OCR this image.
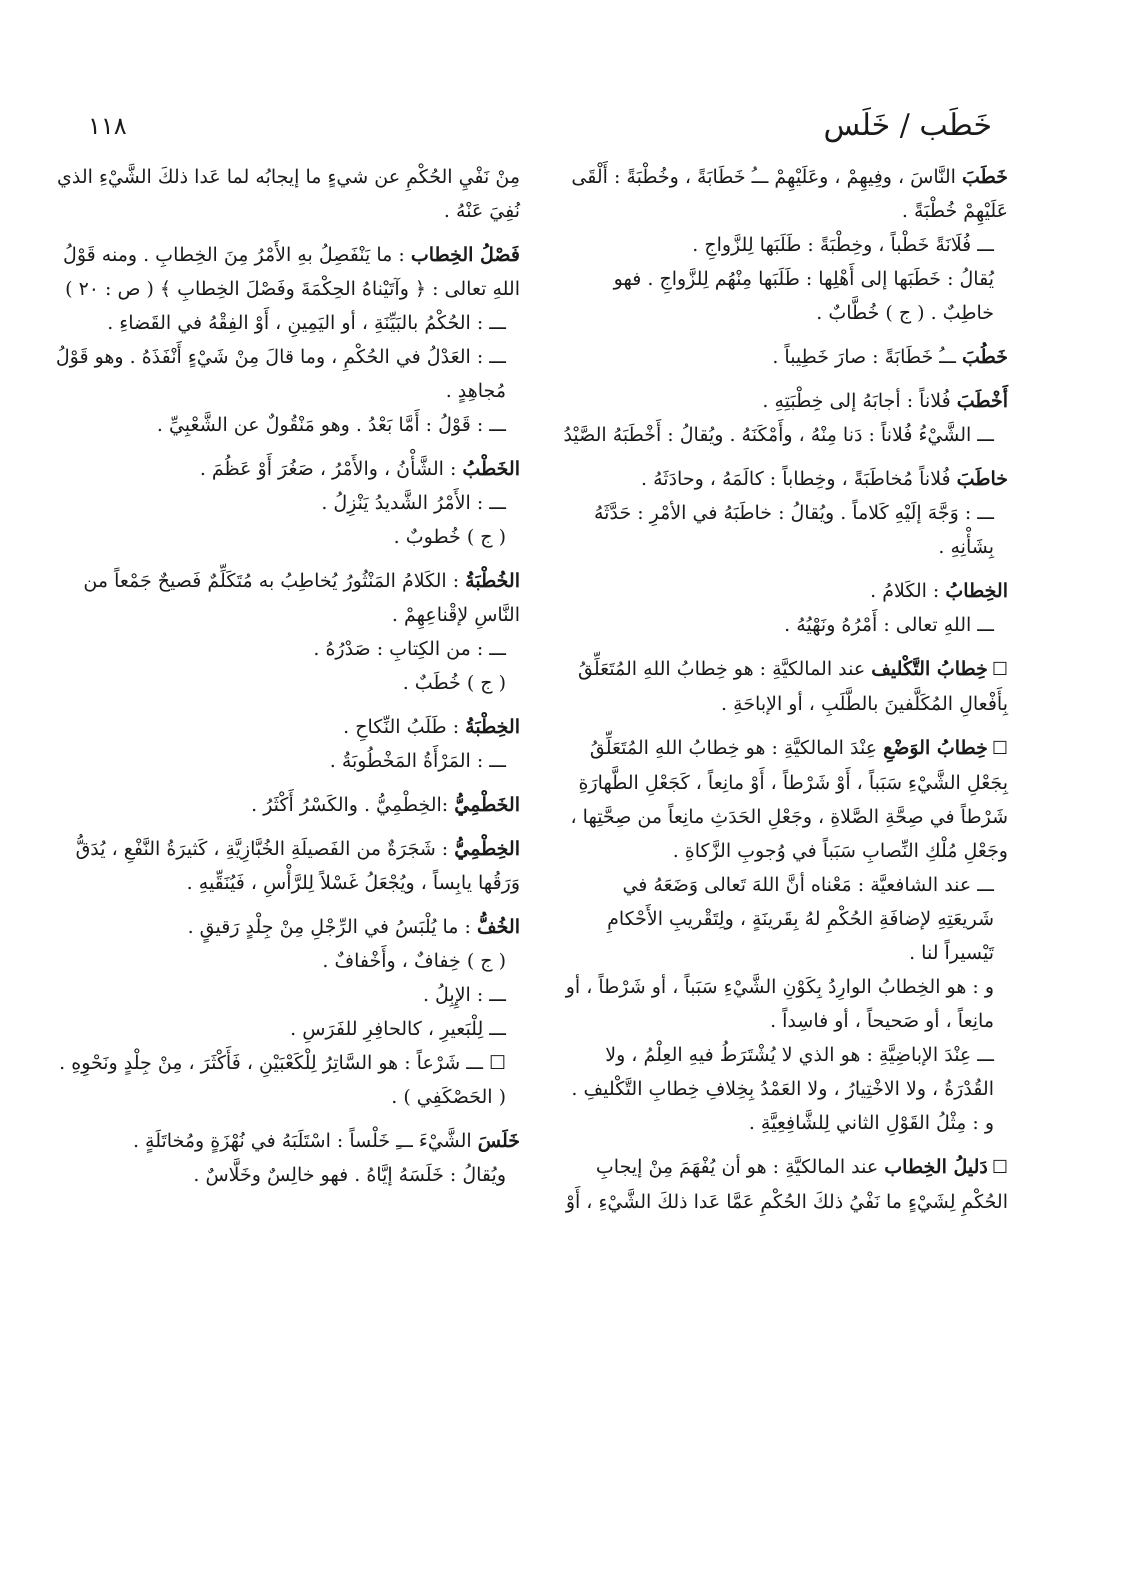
١١٨	خَطَب / خَلَس

خَطَبَ النَّاسَ ، وفِيهِمْ ، وعَلَيْهِمْ ـــُ خَطَابَةً ، وخُطْبَةً : أَلْقَى عَلَيْهِمْ خُطْبَةً .

ـــ فُلَانَةً خَطْباً ، وخِطْبَةً : طَلَبَها لِلزَّواجِ .

يُقالُ : خَطَبَها إلى أَهْلِها : طَلَبَها مِنْهُم لِلزَّواجِ . فهو خاطِبٌ . ( ج ) خُطَّابٌ .

خَطُبَ ـــُ خَطَابَةً : صارَ خَطِيباً .

أَخْطَبَ فُلاناً : أجابَهُ إلى خِطْبَتِهِ .

ـــ الشَّيْءُ فُلاناً : دَنا مِنْهُ ، وأَمْكَنَهُ . ويُقالُ : أَخْطَبَهُ الصَّيْدُ

خاطَبَ فُلاناً مُخاطَبَةً ، وخِطاباً : كالَمَهُ ، وحادَثَهُ .

ـــ : وَجَّهَ إلَيْهِ كَلاماً . ويُقالُ : خاطَبَهُ في الأمْرِ : حَدَّثَهُ بِشَأْنِهِ .

الخِطابُ : الكَلامُ .

ـــ اللهِ تعالى : أَمْرُهُ ونَهْيُهُ .

☐خِطابُ التَّكْليف عند المالكيَّةِ : هو خِطابُ اللهِ المُتَعَلِّقُ بِأَفْعالِ المُكَلَّفينَ بالطَّلَبِ ، أو الإباحَةِ .

☐خِطابُ الوَضْعِ عِنْدَ المالكيَّةِ : هو خِطابُ اللهِ المُتَعَلِّقُ بِجَعْلِ الشَّيْءِ سَبَباً ، أَوْ شَرْطاً ، أَوْ مانِعاً ، كَجَعْلِ الطَّهارَةِ شَرْطاً في صِحَّةِ الصَّلاةِ ، وجَعْلِ الحَدَثِ مانِعاً من صِحَّتِها ، وجَعْلِ مُلْكِ النِّصابِ سَبَباً في وُجوبِ الزَّكاةِ .

ـــ عند الشافعيَّة : مَعْناه أنَّ اللهَ تَعالى وَضَعَهُ في شَريعَتِهِ لإضافَةِ الحُكْمِ لهُ بِقَرينَةٍ ، ولِتَقْريبِ الأَحْكامِ تَيْسيراً لنا .

و : هو الخِطابُ الوارِدُ بِكَوْنِ الشَّيْءِ سَبَباً ، أو شَرْطاً ، أو مانِعاً ، أو صَحيحاً ، أو فاسِداً .

ـــ عِنْدَ الإباضِيَّةِ : هو الذي لا يُشْتَرَطُ فيهِ العِلْمُ ، ولا القُدْرَةُ ، ولا الاخْتِيارُ ، ولا العَمْدُ بِخِلافِ خِطابِ التَّكْليفِ .

و : مِثْلُ القَوْلِ الثاني لِلشَّافِعِيَّةِ .

☐دَليلُ الخِطاب عند المالكيَّةِ : هو أن يُفْهَمَ مِنْ إيجابِ الحُكْمِ لِشَيْءٍ ما نَفْيُ ذلكَ الحُكْمِ عَمَّا عَدا ذلكَ الشَّيْءِ ، أَوْ

مِنْ نَفْيِ الحُكْمِ عن شيءٍ ما إيجابُه لما عَدا ذلكَ الشَّيْءِ الذي نُفِيَ عَنْهُ .

فَصْلُ الخِطاب : ما يَنْفَصِلُ بهِ الأَمْرُ مِنَ الخِطابِ . ومنه قَوْلُ اللهِ تعالى : ﴿ وآتَيْناهُ الحِكْمَةَ وفَصْلَ الخِطابِ ﴾ ( ص : ٢٠ )

ـــ : الحُكْمُ بالبَيِّنَةِ ، أو اليَمِينِ ، أَوْ الفِقْهُ في القَضاءِ .

ـــ : العَدْلُ في الحُكْمِ ، وما قالَ مِنْ شَيْءٍ أَنْفَذَهُ . وهو قَوْلُ مُجاهِدٍ .

ـــ : قَوْلُ : أَمَّا بَعْدُ . وهو مَنْقُولٌ عن الشَّعْبِيِّ .

الخَطْبُ : الشَّأْنُ ، والأَمْرُ ، صَغُرَ أَوْ عَظُمَ .

ـــ : الأَمْرُ الشَّديدُ يَنْزِلُ .

( ج ) خُطوبٌ .

الخُطْبَةُ : الكَلامُ المَنْثُورُ يُخاطِبُ به مُتَكَلِّمٌ فَصيحٌ جَمْعاً من النَّاسِ لإقْناعِهِمْ .

ـــ : من الكِتابِ : صَدْرُهُ .

( ج ) خُطَبٌ .

الخِطْبَةُ : طَلَبُ النِّكاحِ .

ـــ : المَرْأَةُ المَخْطُوبَةُ .

الخَطْمِيُّ :الخِطْمِيُّ . والكَسْرُ أَكْثَرُ .

الخِطْمِيُّ : شَجَرَةٌ من الفَصيلَةِ الخُبَّازِيَّةِ ، كَثيرَةُ النَّفْعِ ، يُدَقُّ وَرَقُها يابِساً ، ويُجْعَلُ غَسْلاً لِلرَّأْسِ ، فَيُنَقِّيهِ .

الخُفُّ : ما يُلْبَسُ في الرِّجْلِ مِنْ جِلْدٍ رَقيقٍ .

( ج ) خِفافٌ ، وأَخْفافٌ .

ـــ : الإِبِلُ .

ـــ لِلْبَعيرِ ، كالحافِرِ للفَرَسِ .

☐ ـــ شَرْعاً : هو السَّاتِرُ لِلْكَعْبَيْنِ ، فَأَكْثَرَ ، مِنْ جِلْدٍ ونَحْوِهِ . ( الحَصْكَفِي ) .

خَلَسَ الشَّيْءَ ـــِ خَلْساً : اسْتَلَبَهُ في نُهْزَةٍ ومُخاتَلَةٍ .

ويُقالُ : خَلَسَهُ إيَّاهُ . فهو خالِسٌ وخَلَّاسٌ .
